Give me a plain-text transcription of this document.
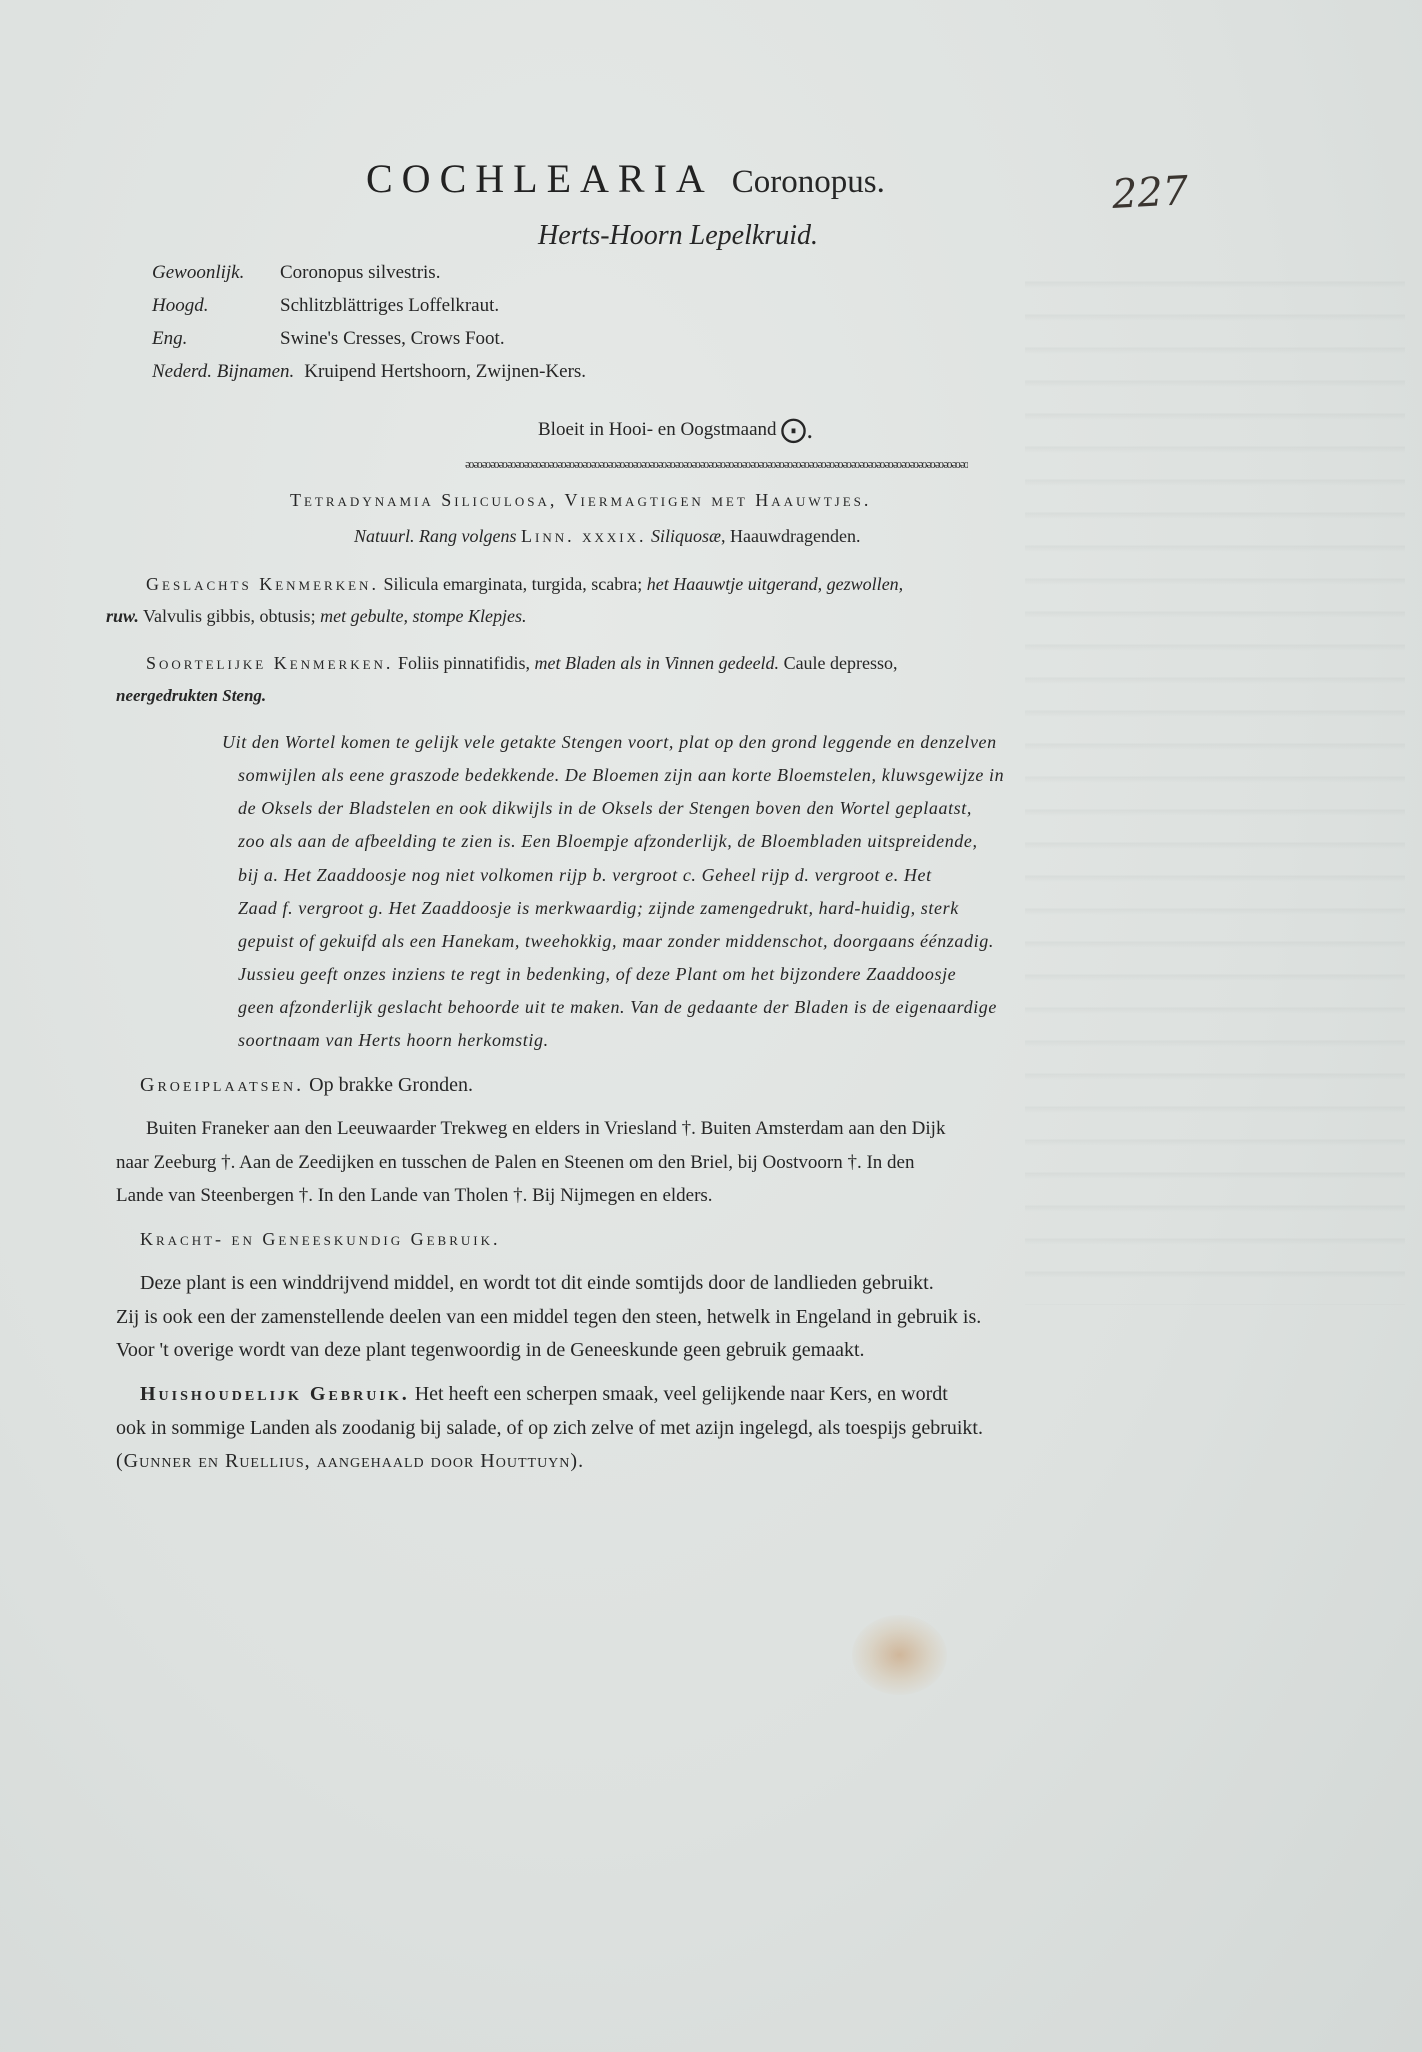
COCHLEARIA Coronopus.	227
Herts-Hoorn Lepelkruid.
Gewoonlijk. Coronopus silvestris.
Hoogd.	Schlitzblättriges Loffelkraut.
Eng.	Swine's Cresses, Crows Foot.
Nederd. Bijnamen. Kruipend Hertshoorn, Zwijnen-Kers.
Bloeit in Hooi- en Oogstmaand ⨀.
ᴔᴔᴔᴔᴔᴔᴔᴔᴔᴔᴔᴔᴔᴔᴔᴔᴔᴔᴔᴔᴔᴔᴔᴔᴔᴔᴔᴔᴔᴔᴔᴔᴔᴔᴔᴔᴔᴔᴔᴔᴔᴔᴔᴔᴔᴔᴔᴔᴔᴔᴔᴔᴔᴔᴔᴔᴔᴔᴔᴔ
Tetradynamia Siliculosa, Viermagtigen met Haauwtjes.
Natuurl. Rang volgens Linn. xxxix. Siliquosæ, Haauwdragenden.
Geslachts Kenmerken. Silicula emarginata, turgida, scabra; het Haauwtje uitgerand, gezwollen,
ruw. Valvulis gibbis, obtusis; met gebulte, stompe Klepjes.
Soortelijke Kenmerken. Foliis pinnatifidis, met Bladen als in Vinnen gedeeld. Caule depresso,
neergedrukten Steng.
Uit den Wortel komen te gelijk vele getakte Stengen voort, plat op den grond leggende en denzelven
somwijlen als eene graszode bedekkende. De Bloemen zijn aan korte Bloemstelen, kluwsgewijze in
de Oksels der Bladstelen en ook dikwijls in de Oksels der Stengen boven den Wortel geplaatst,
zoo als aan de afbeelding te zien is. Een Bloempje afzonderlijk, de Bloembladen uitspreidende,
bij a. Het Zaaddoosje nog niet volkomen rijp b. vergroot c. Geheel rijp d. vergroot e. Het
Zaad f. vergroot g. Het Zaaddoosje is merkwaardig; zijnde zamengedrukt, hard-huidig, sterk
gepuist of gekuifd als een Hanekam, tweehokkig, maar zonder middenschot, doorgaans éénzadig.
Jussieu geeft onzes inziens te regt in bedenking, of deze Plant om het bijzondere Zaaddoosje
geen afzonderlijk geslacht behoorde uit te maken. Van de gedaante der Bladen is de eigenaardige
soortnaam van Herts hoorn herkomstig.
Groeiplaatsen. Op brakke Gronden.
Buiten Franeker aan den Leeuwaarder Trekweg en elders in Vriesland †. Buiten Amsterdam aan den Dijk
naar Zeeburg †. Aan de Zeedijken en tusschen de Palen en Steenen om den Briel, bij Oostvoorn †. In den
Lande van Steenbergen †. In den Lande van Tholen †. Bij Nijmegen en elders.
Kracht- en Geneeskundig Gebruik.
Deze plant is een winddrijvend middel, en wordt tot dit einde somtijds door de landlieden gebruikt.
Zij is ook een der zamenstellende deelen van een middel tegen den steen, hetwelk in Engeland in gebruik is.
Voor 't overige wordt van deze plant tegenwoordig in de Geneeskunde geen gebruik gemaakt.
Huishoudelijk Gebruik. Het heeft een scherpen smaak, veel gelijkende naar Kers, en wordt
ook in sommige Landen als zoodanig bij salade, of op zich zelve of met azijn ingelegd, als toespijs gebruikt.
(Gunner en Ruellius, aangehaald door Houttuyn).
